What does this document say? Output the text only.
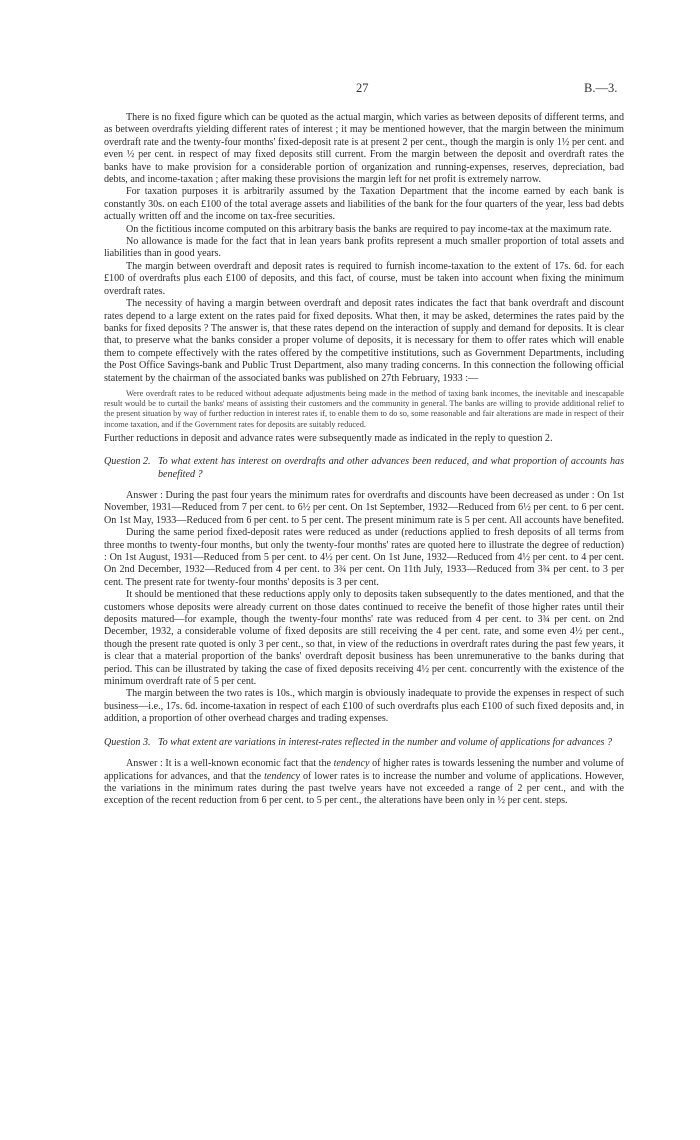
27	B.—3.

There is no fixed figure which can be quoted as the actual margin, which varies as between deposits of different terms, and as between overdrafts yielding different rates of interest ; it may be mentioned however, that the margin between the minimum overdraft rate and the twenty-four months' fixed-deposit rate is at present 2 per cent., though the margin is only 1½ per cent. and even ½ per cent. in respect of may fixed deposits still current. From the margin between the deposit and overdraft rates the banks have to make provision for a considerable portion of organization and running-expenses, reserves, depreciation, bad debts, and income-taxation ; after making these provisions the margin left for net profit is extremely narrow.

For taxation purposes it is arbitrarily assumed by the Taxation Department that the income earned by each bank is constantly 30s. on each £100 of the total average assets and liabilities of the bank for the four quarters of the year, less bad debts actually written off and the income on tax-free securities.

On the fictitious income computed on this arbitrary basis the banks are required to pay income-tax at the maximum rate.

No allowance is made for the fact that in lean years bank profits represent a much smaller proportion of total assets and liabilities than in good years.

The margin between overdraft and deposit rates is required to furnish income-taxation to the extent of 17s. 6d. for each £100 of overdrafts plus each £100 of deposits, and this fact, of course, must be taken into account when fixing the minimum overdraft rates.

The necessity of having a margin between overdraft and deposit rates indicates the fact that bank overdraft and discount rates depend to a large extent on the rates paid for fixed deposits. What then, it may be asked, determines the rates paid by the banks for fixed deposits ? The answer is, that these rates depend on the interaction of supply and demand for deposits. It is clear that, to preserve what the banks consider a proper volume of deposits, it is necessary for them to offer rates which will enable them to compete effectively with the rates offered by the competitive institutions, such as Government Departments, including the Post Office Savings-bank and Public Trust Department, also many trading concerns. In this connection the following official statement by the chairman of the associated banks was published on 27th February, 1933 :—

Were overdraft rates to be reduced without adequate adjustments being made in the method of taxing bank incomes, the inevitable and inescapable result would be to curtail the banks' means of assisting their customers and the community in general. The banks are willing to provide additional relief to the present situation by way of further reduction in interest rates if, to enable them to do so, some reasonable and fair alterations are made in respect of their income taxation, and if the Government rates for deposits are suitably reduced.

Further reductions in deposit and advance rates were subsequently made as indicated in the reply to question 2.

Question 2. To what extent has interest on overdrafts and other advances been reduced, and what proportion of accounts has benefited ?

Answer : During the past four years the minimum rates for overdrafts and discounts have been decreased as under : On 1st November, 1931—Reduced from 7 per cent. to 6½ per cent. On 1st September, 1932—Reduced from 6½ per cent. to 6 per cent. On 1st May, 1933—Reduced from 6 per cent. to 5 per cent. The present minimum rate is 5 per cent. All accounts have benefited.

During the same period fixed-deposit rates were reduced as under (reductions applied to fresh deposits of all terms from three months to twenty-four months, but only the twenty-four months' rates are quoted here to illustrate the degree of reduction) : On 1st August, 1931—Reduced from 5 per cent. to 4½ per cent. On 1st June, 1932—Reduced from 4½ per cent. to 4 per cent. On 2nd December, 1932—Reduced from 4 per cent. to 3¾ per cent. On 11th July, 1933—Reduced from 3¾ per cent. to 3 per cent. The present rate for twenty-four months' deposits is 3 per cent.

It should be mentioned that these reductions apply only to deposits taken subsequently to the dates mentioned, and that the customers whose deposits were already current on those dates continued to receive the benefit of those higher rates until their deposits matured—for example, though the twenty-four months' rate was reduced from 4 per cent. to 3¾ per cent. on 2nd December, 1932, a considerable volume of fixed deposits are still receiving the 4 per cent. rate, and some even 4½ per cent., though the present rate quoted is only 3 per cent., so that, in view of the reductions in overdraft rates during the past few years, it is clear that a material proportion of the banks' overdraft deposit business has been unremunerative to the banks during that period. This can be illustrated by taking the case of fixed deposits receiving 4½ per cent. concurrently with the existence of the minimum overdraft rate of 5 per cent.

The margin between the two rates is 10s., which margin is obviously inadequate to provide the expenses in respect of such business—i.e., 17s. 6d. income-taxation in respect of each £100 of such overdrafts plus each £100 of such fixed deposits and, in addition, a proportion of other overhead charges and trading expenses.

Question 3. To what extent are variations in interest-rates reflected in the number and volume of applications for advances ?

Answer : It is a well-known economic fact that the tendency of higher rates is towards lessening the number and volume of applications for advances, and that the tendency of lower rates is to increase the number and volume of applications. However, the variations in the minimum rates during the past twelve years have not exceeded a range of 2 per cent., and with the exception of the recent reduction from 6 per cent. to 5 per cent., the alterations have been only in ½ per cent. steps.
